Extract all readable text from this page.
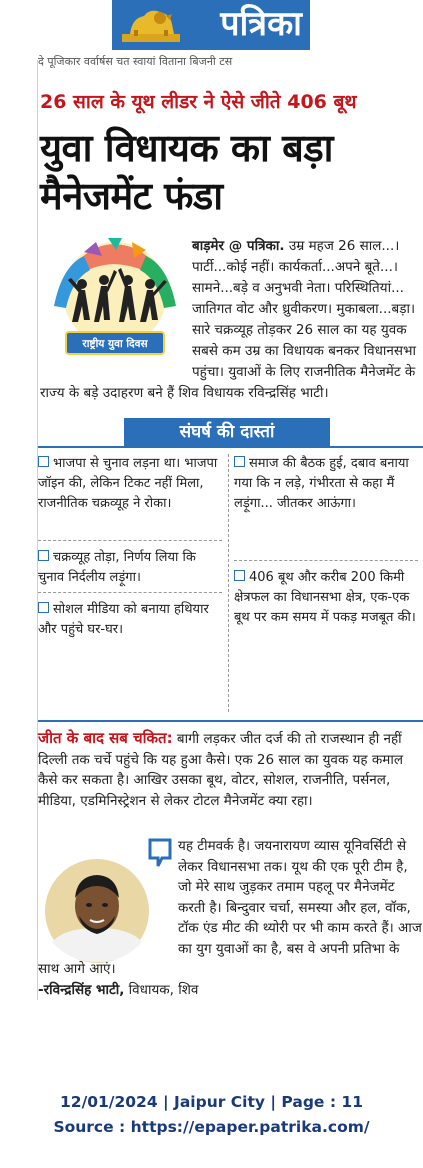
पत्रिका
दे पूजिकार वर्वार्षस चत स्वायां विताना बिजनी टस
26 साल के यूथ लीडर ने ऐसे जीते 406 बूथ
युवा विधायक का बड़ा मैनेजमेंट फंडा
राष्ट्रीय युवा दिवस
बाड़मेर @ पत्रिका. उम्र महज 26 साल...। पार्टी...कोई नहीं। कार्यकर्ता...अपने बूते...। सामने...बड़े व अनुभवी नेता। परिस्थितियां... जातिगत वोट और ध्रुवीकरण। मुकाबला...बड़ा। सारे चक्रव्यूह तोड़कर 26 साल का यह युवक सबसे कम उम्र का विधायक बनकर विधानसभा पहुंचा। युवाओं के लिए राजनीतिक मैनेजमेंट के राज्य के बड़े उदाहरण बने हैं शिव विधायक रविन्द्रसिंह भाटी।
संघर्ष की दास्तां
भाजपा से चुनाव लड़ना था। भाजपा जॉइन की, लेकिन टिकट नहीं मिला, राजनीतिक चक्रव्यूह ने रोका।
चक्रव्यूह तोड़ा, निर्णय लिया कि चुनाव निर्दलीय लड़ूंगा।
सोशल मीडिया को बनाया हथियार और पहुंचे घर-घर।
समाज की बैठक हुई, दबाव बनाया गया कि न लड़े, गंभीरता से कहा मैं लड़ूंगा... जीतकर आऊंगा।
406 बूथ और करीब 200 किमी क्षेत्रफल का विधानसभा क्षेत्र, एक-एक बूथ पर कम समय में पकड़ मजबूत की।
जीत के बाद सब चकित: बागी लड़कर जीत दर्ज की तो राजस्थान ही नहीं दिल्ली तक चर्चे पहुंचे कि यह हुआ कैसे। एक 26 साल का युवक यह कमाल कैसे कर सकता है। आखिर उसका बूथ, वोटर, सोशल, राजनीति, पर्सनल, मीडिया, एडमिनिस्ट्रेशन से लेकर टोटल मैनेजमेंट क्या रहा।
यह टीमवर्क है। जयनारायण व्यास यूनिवर्सिटी से लेकर विधानसभा तक। यूथ की एक पूरी टीम है, जो मेरे साथ जुड़कर तमाम पहलू पर मैनेजमेंट करती है। बिन्दुवार चर्चा, समस्या और हल, वॉक, टॉक एंड मीट की थ्योरी पर भी काम करते हैं। आज का युग युवाओं का है, बस वे अपनी प्रतिभा के साथ आगे आएं।
-रविन्द्रसिंह भाटी, विधायक, शिव
12/01/2024 | Jaipur City | Page : 11
Source : https://epaper.patrika.com/
